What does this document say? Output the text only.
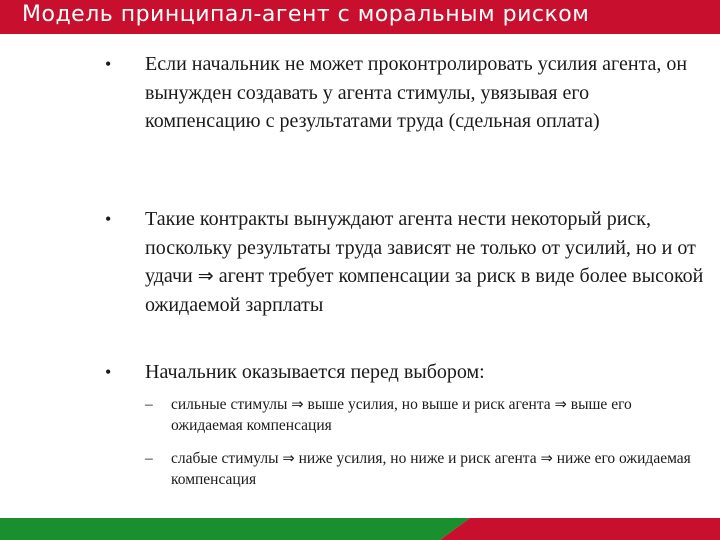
Модель принципал-агент с моральным риском
• Если начальник не может проконтролировать усилия агента, он вынужден создавать у агента стимулы, увязывая его компенсацию с результатами труда (сдельная оплата)
• Такие контракты вынуждают агента нести некоторый риск, поскольку результаты труда зависят не только от усилий, но и от удачи ⇒ агент требует компенсации за риск в виде более высокой ожидаемой зарплаты
• Начальник оказывается перед выбором:
– сильные стимулы ⇒ выше усилия, но выше и риск агента ⇒ выше его ожидаемая компенсация
– слабые стимулы ⇒ ниже усилия, но ниже и риск агента ⇒ ниже его ожидаемая компенсация
